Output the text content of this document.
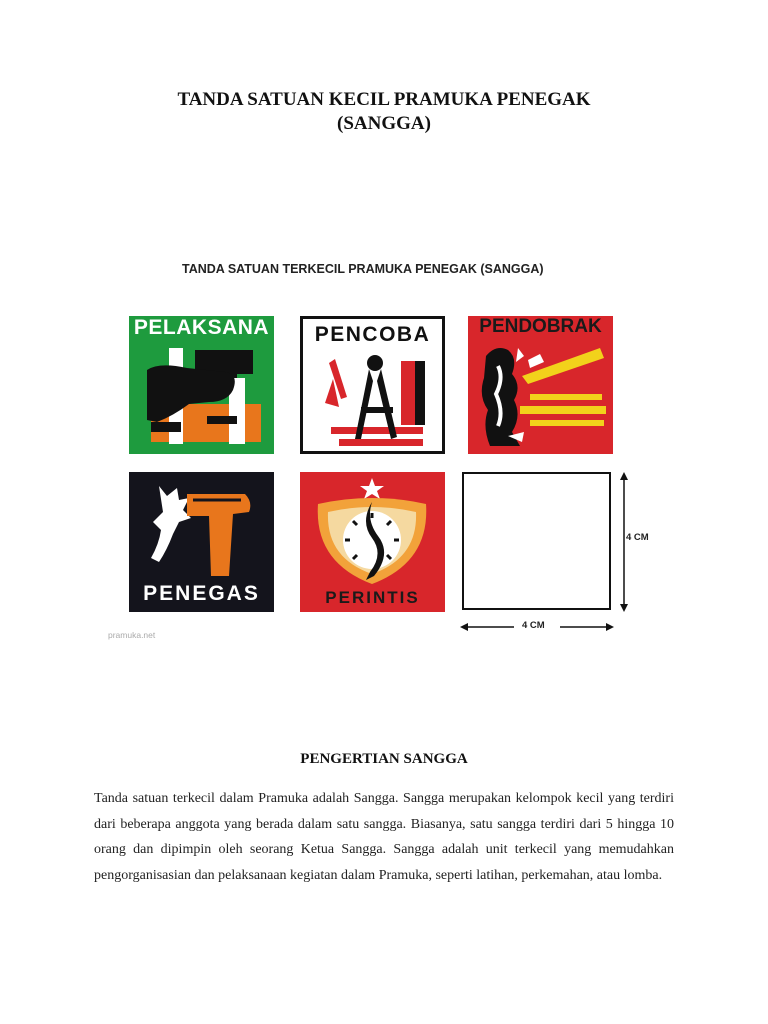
TANDA SATUAN KECIL PRAMUKA PENEGAK
(SANGGA)
TANDA SATUAN TERKECIL PRAMUKA PENEGAK (SANGGA)
PELAKSANA	PENCOBA	PENDOBRAK
PENEGAS	PERINTIS
4 CM
4 CM
pramuka.net
PENGERTIAN SANGGA
Tanda satuan terkecil dalam Pramuka adalah Sangga. Sangga merupakan kelompok kecil yang terdiri dari beberapa anggota yang berada dalam satu sangga. Biasanya, satu sangga terdiri dari 5 hingga 10 orang dan dipimpin oleh seorang Ketua Sangga. Sangga adalah unit terkecil yang memudahkan pengorganisasian dan pelaksanaan kegiatan dalam Pramuka, seperti latihan, perkemahan, atau lomba.
